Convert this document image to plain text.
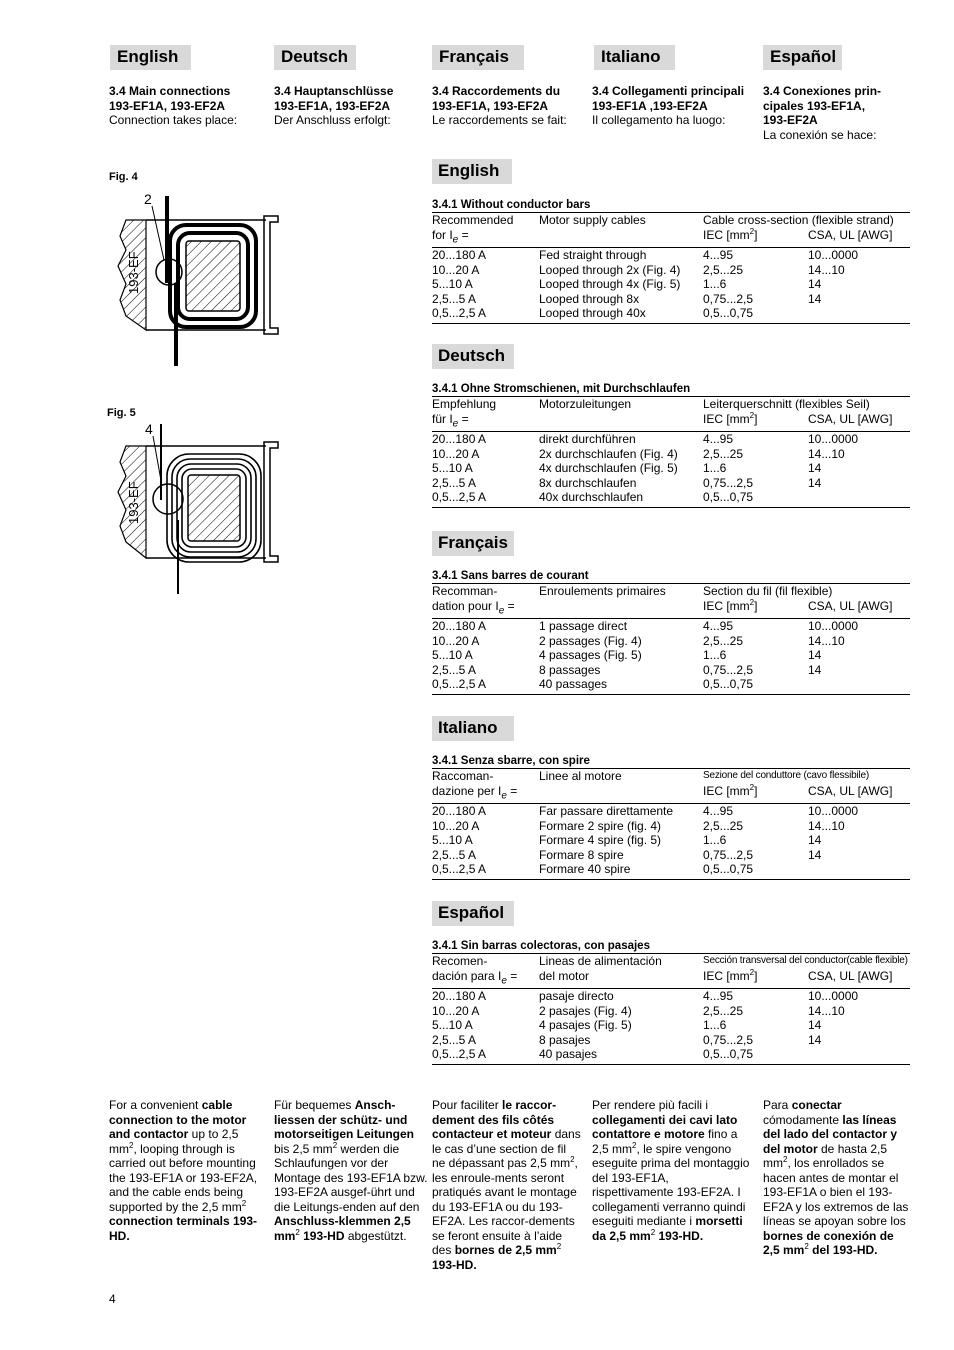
English	Deutsch	Français	Italiano	Español
3.4 Main connections
193-EF1A, 193-EF2A
Connection takes place:
3.4 Hauptanschlüsse
193-EF1A, 193-EF2A
Der Anschluss erfolgt:
3.4 Raccordements du
193-EF1A, 193-EF2A
Le raccordements se fait:
3.4 Collegamenti principali
193-EF1A ,193-EF2A
Il collegamento ha luogo:
3.4 Conexiones prin-
cipales 193-EF1A,
193-EF2A
La conexión se hace:
Fig. 4
2
193-EF
Fig. 5
4
193-EF
English
3.4.1 Without conductor bars
Recommended	Motor supply cables	Cable cross-section (flexible strand)	
for $I_e$ =		IEC $[mm^2]$	CSA, UL [AWG]
20...180 A	Fed straight through	4...95	10...0000
10...20 A	Looped through 2x (Fig. 4)	2,5...25	14...10
5...10 A	Looped through 4x (Fig. 5)	1...6	14
2,5...5 A	Looped through 8x	0,75...2,5	14
0,5...2,5 A	Looped through 40x	0,5...0,75	
Deutsch
3.4.1 Ohne Stromschienen, mit Durchschlaufen
Empfehlung	Motorzuleitungen	Leiterquerschnitt (flexibles Seil)	
für $I_e$ =		IEC $[mm^2]$	CSA, UL [AWG]
20...180 A	direkt durchführen	4...95	10...0000
10...20 A	2x durchschlaufen (Fig. 4)	2,5...25	14...10
5...10 A	4x durchschlaufen (Fig. 5)	1...6	14
2,5...5 A	8x durchschlaufen	0,75...2,5	14
0,5...2,5 A	40x durchschlaufen	0,5...0,75	
Français
3.4.1 Sans barres de courant
Recomman-	Enroulements primaires	Section du fil (fil flexible)	
dation pour $I_e$ =		IEC $[mm^2]$	CSA, UL [AWG]
20...180 A	1 passage direct	4...95	10...0000
10...20 A	2 passages (Fig. 4)	2,5...25	14...10
5...10 A	4 passages (Fig. 5)	1...6	14
2,5...5 A	8 passages	0,75...2,5	14
0,5...2,5 A	40 passages	0,5...0,75	
Italiano
3.4.1 Senza sbarre, con spire
Raccoman-	Linee al motore	Sezione del conduttore (cavo flessibile)	
dazione per $I_e$ =		IEC $[mm^2]$	CSA, UL [AWG]
20...180 A	Far passare direttamente	4...95	10...0000
10...20 A	Formare 2 spire (fig. 4)	2,5...25	14...10
5...10 A	Formare 4 spire (fig. 5)	1...6	14
2,5...5 A	Formare 8 spire	0,75...2,5	14
0,5...2,5 A	Formare 40 spire	0,5...0,75	
Español
3.4.1 Sin barras colectoras, con pasajes
Recomen-	Lineas de alimentación	Sección transversal del conductor(cable flexible)	
dación para $I_e$ =	del motor	IEC $[mm^2]$	CSA, UL [AWG]
20...180 A	pasaje directo	4...95	10...0000
10...20 A	2 pasajes (Fig. 4)	2,5...25	14...10
5...10 A	4 pasajes (Fig. 5)	1...6	14
2,5...5 A	8 pasajes	0,75...2,5	14
0,5...2,5 A	40 pasajes	0,5...0,75	
For a convenient cable connection to the motor and contactor up to 2,5 $mm^2$, looping through is carried out before mounting the 193-EF1A or 193-EF2A, and the cable ends being supported by the 2,5 $mm^2$ connection terminals 193-HD.
Für bequemes Ansch-liessen der schütz- und motorseitigen Leitungen bis 2,5 $mm^2$ werden die Schlaufungen vor der Montage des 193-EF1A bzw. 193-EF2A ausgef-ührt und die Leitungs-enden auf den Anschluss-klemmen 2,5 $mm^2$ 193-HD abgestützt.
Pour faciliter le raccor-dement des fils côtés contacteur et moteur dans le cas d’une section de fil ne dépassant pas 2,5 $mm^2$, les enroule-ments seront pratiqués avant le montage du 193-EF1A ou du 193-EF2A. Les raccor-dements se feront ensuite à l’aide des bornes de 2,5 $mm^2$ 193-HD.
Per rendere più facili i collegamenti dei cavi lato contattore e motore fino a 2,5 $mm^2$, le spire vengono eseguite prima del montaggio del 193-EF1A, rispettivamente 193-EF2A. I collegamenti verranno quindi eseguiti mediante i morsetti da 2,5 $mm^2$ 193-HD.
Para conectar cómodamente las líneas del lado del contactor y del motor de hasta 2,5 $mm^2$, los enrollados se hacen antes de montar el 193-EF1A o bien el 193-EF2A y los extremos de las líneas se apoyan sobre los bornes de conexión de 2,5 $mm^2$ del 193-HD.
4
